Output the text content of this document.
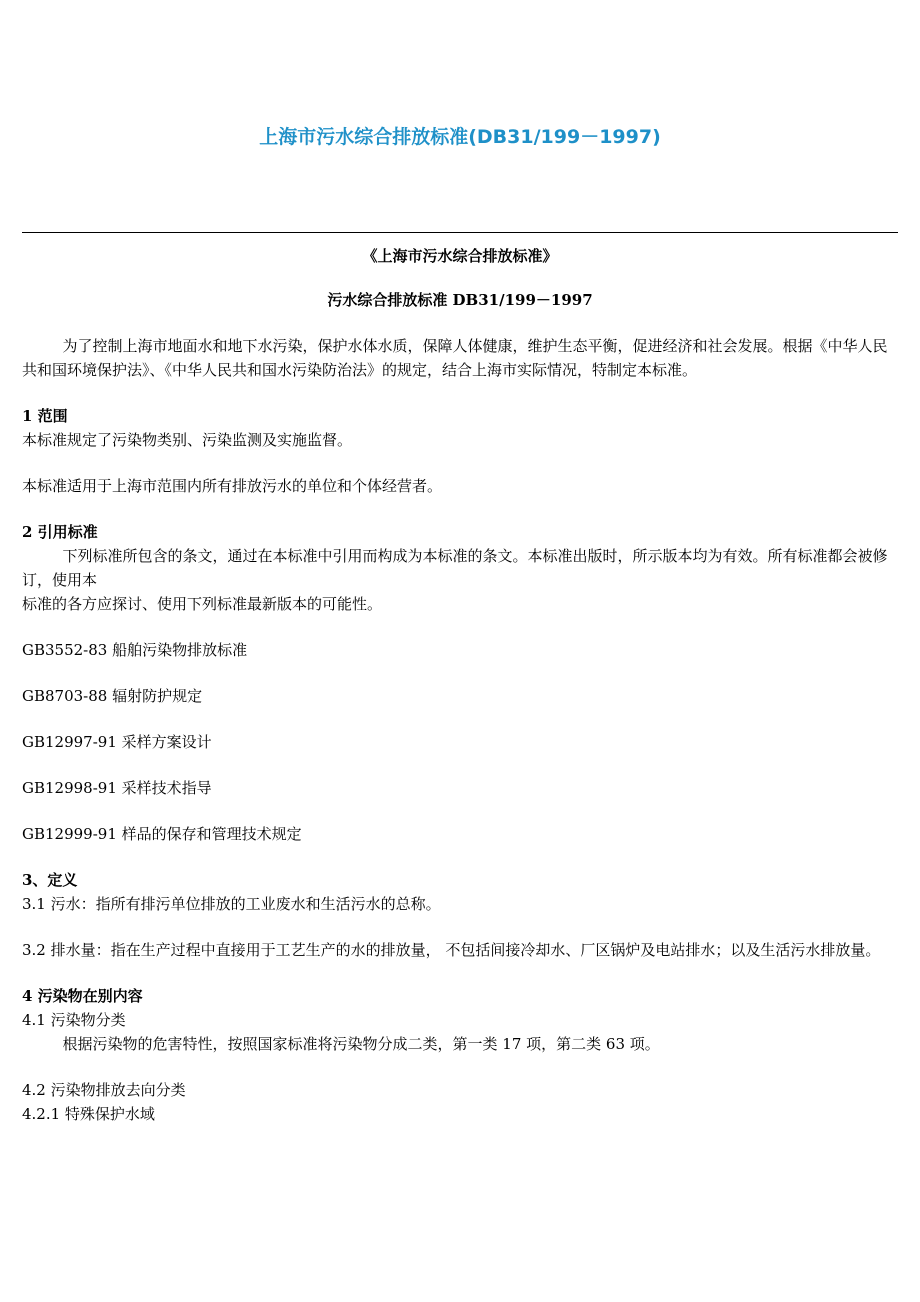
上海市污水综合排放标准(DB31/199－1997)

《上海市污水综合排放标准》

污水综合排放标准 DB31/199－1997

为了控制上海市地面水和地下水污染，保护水体水质，保障人体健康，维护生态平衡，促进经济和社会发展。根据《中华人民共和国环境保护法》、《中华人民共和国水污染防治法》的规定，结合上海市实际情况，特制定本标准。

1 范围

本标准规定了污染物类别、污染监测及实施监督。

本标准适用于上海市范围内所有排放污水的单位和个体经营者。

2 引用标准

下列标准所包含的条文，通过在本标准中引用而构成为本标准的条文。本标准出版时，所示版本均为有效。所有标准都会被修订，使用本

标准的各方应探讨、使用下列标准最新版本的可能性。

GB3552-83 船舶污染物排放标准

GB8703-88 辐射防护规定

GB12997-91 采样方案设计

GB12998-91 采样技术指导

GB12999-91 样品的保存和管理技术规定

3、定义

3.1 污水：指所有排污单位排放的工业废水和生活污水的总称。

3.2 排水量：指在生产过程中直接用于工艺生产的水的排放量， 不包括间接冷却水、厂区锅炉及电站排水；以及生活污水排放量。

4 污染物在别内容

4.1 污染物分类

根据污染物的危害特性，按照国家标准将污染物分成二类，第一类 17 项，第二类 63 项。

4.2 污染物排放去向分类

4.2.1 特殊保护水域
